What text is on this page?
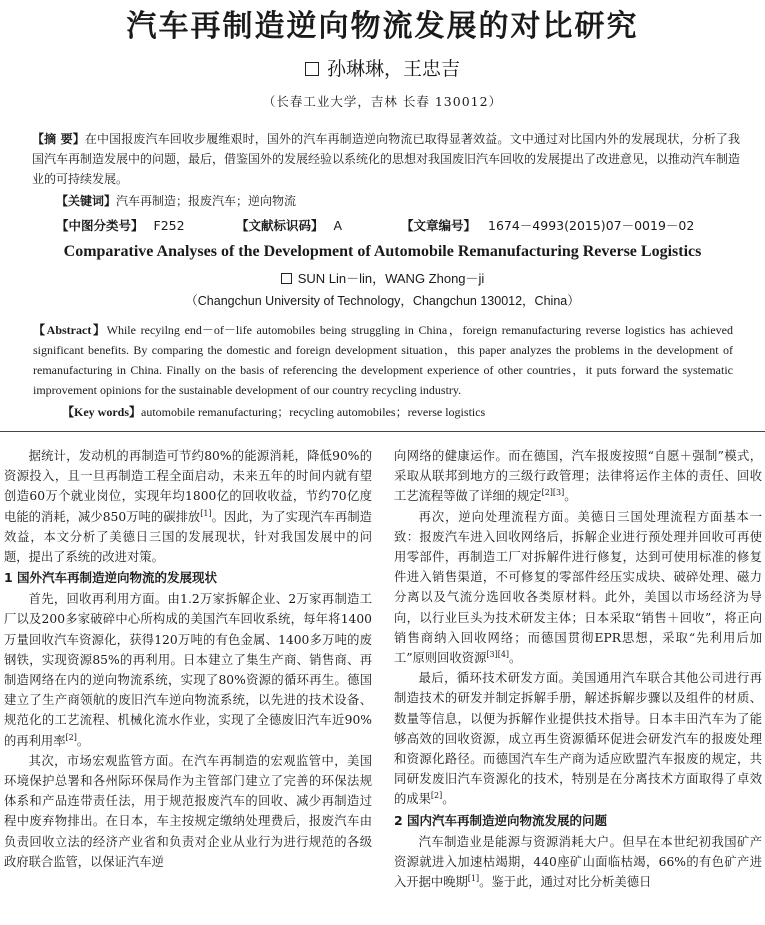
汽车再制造逆向物流发展的对比研究
孙琳琳，王忠吉
（长春工业大学，吉林 长春 130012）
【摘 要】在中国报废汽车回收步履维艰时，国外的汽车再制造逆向物流已取得显著效益。文中通过对比国内外的发展现状，分析了我国汽车再制造发展中的问题，最后，借鉴国外的发展经验以系统化的思想对我国废旧汽车回收的发展提出了改进意见，以推动汽车制造业的可持续发展。
【关键词】汽车再制造；报废汽车；逆向物流
【中图分类号】 F252	【文献标识码】 A	【文章编号】 1674－4993(2015)07－0019－02
Comparative Analyses of the Development of Automobile Remanufacturing Reverse Logistics
SUN Lin－lin，WANG Zhong－ji
（Changchun University of Technology，Changchun 130012，China）
【Abstract】While recyilng end－of－life automobiles being struggling in China，foreign remanufacturing reverse logistics has achieved significant benefits. By comparing the domestic and foreign development situation，this paper analyzes the problems in the development of remanufacturing in China. Finally on the basis of referencing the development experience of other countries，it puts forward the systematic improvement opinions for the sustainable development of our country recycling industry.
【Key words】automobile remanufacturing；recycling automobiles；reverse logistics

据统计，发动机的再制造可节约80%的能源消耗，降低90%的资源投入，且一旦再制造工程全面启动，未来五年的时间内就有望创造60万个就业岗位，实现年均1800亿的回收收益，节约70亿度电能的消耗，减少850万吨的碳排放[1]。因此，为了实现汽车再制造效益，本文分析了美德日三国的发展现状，针对我国发展中的问题，提出了系统的改进对策。

1 国外汽车再制造逆向物流的发展现状

首先，回收再利用方面。由1.2万家拆解企业、2万家再制造工厂以及200多家破碎中心所构成的美国汽车回收系统，每年将1400万量回收汽车资源化，获得120万吨的有色金属、1400多万吨的废钢铁，实现资源85%的再利用。日本建立了集生产商、销售商、再制造网络在内的逆向物流系统，实现了80%资源的循环再生。德国建立了生产商领航的废旧汽车逆向物流系统，以先进的技术设备、规范化的工艺流程、机械化流水作业，实现了全德废旧汽车近90%的再利用率[2]。

其次，市场宏观监管方面。在汽车再制造的宏观监管中，美国环境保护总署和各州际环保局作为主管部门建立了完善的环保法规体系和产品连带责任法，用于规范报废汽车的回收、减少再制造过程中废弃物排出。在日本，车主按规定缴纳处理费后，报废汽车由负责回收立法的经济产业省和负责对企业从业行为进行规范的各级政府联合监管，以保证汽车逆

向网络的健康运作。而在德国，汽车报废按照“自愿＋强制”模式，采取从联邦到地方的三级行政管理；法律将运作主体的责任、回收工艺流程等做了详细的规定[2][3]。

再次，逆向处理流程方面。美德日三国处理流程方面基本一致：报废汽车进入回收网络后，拆解企业进行预处理并回收可再使用零部件，再制造工厂对拆解件进行修复，达到可使用标准的修复件进入销售渠道，不可修复的零部件经压实成块、破碎处理、磁力分离以及气流分选回收各类原材料。此外，美国以市场经济为导向，以行业巨头为技术研发主体；日本采取“销售＋回收”，将正向销售商纳入回收网络；而德国贯彻EPR思想，采取“先利用后加工”原则回收资源[3][4]。

最后，循环技术研发方面。美国通用汽车联合其他公司进行再制造技术的研发并制定拆解手册，解述拆解步骤以及组件的材质、数量等信息，以便为拆解作业提供技术指导。日本丰田汽车为了能够高效的回收资源，成立再生资源循环促进会研发汽车的报废处理和资源化路径。而德国汽车生产商为适应欧盟汽车报废的规定，共同研发废旧汽车资源化的技术，特别是在分离技术方面取得了卓效的成果[2]。

2 国内汽车再制造逆向物流发展的问题

汽车制造业是能源与资源消耗大户。但早在本世纪初我国矿产资源就进入加速枯竭期，440座矿山面临枯竭，66%的有色矿产进入开据中晚期[1]。鉴于此，通过对比分析美德日
